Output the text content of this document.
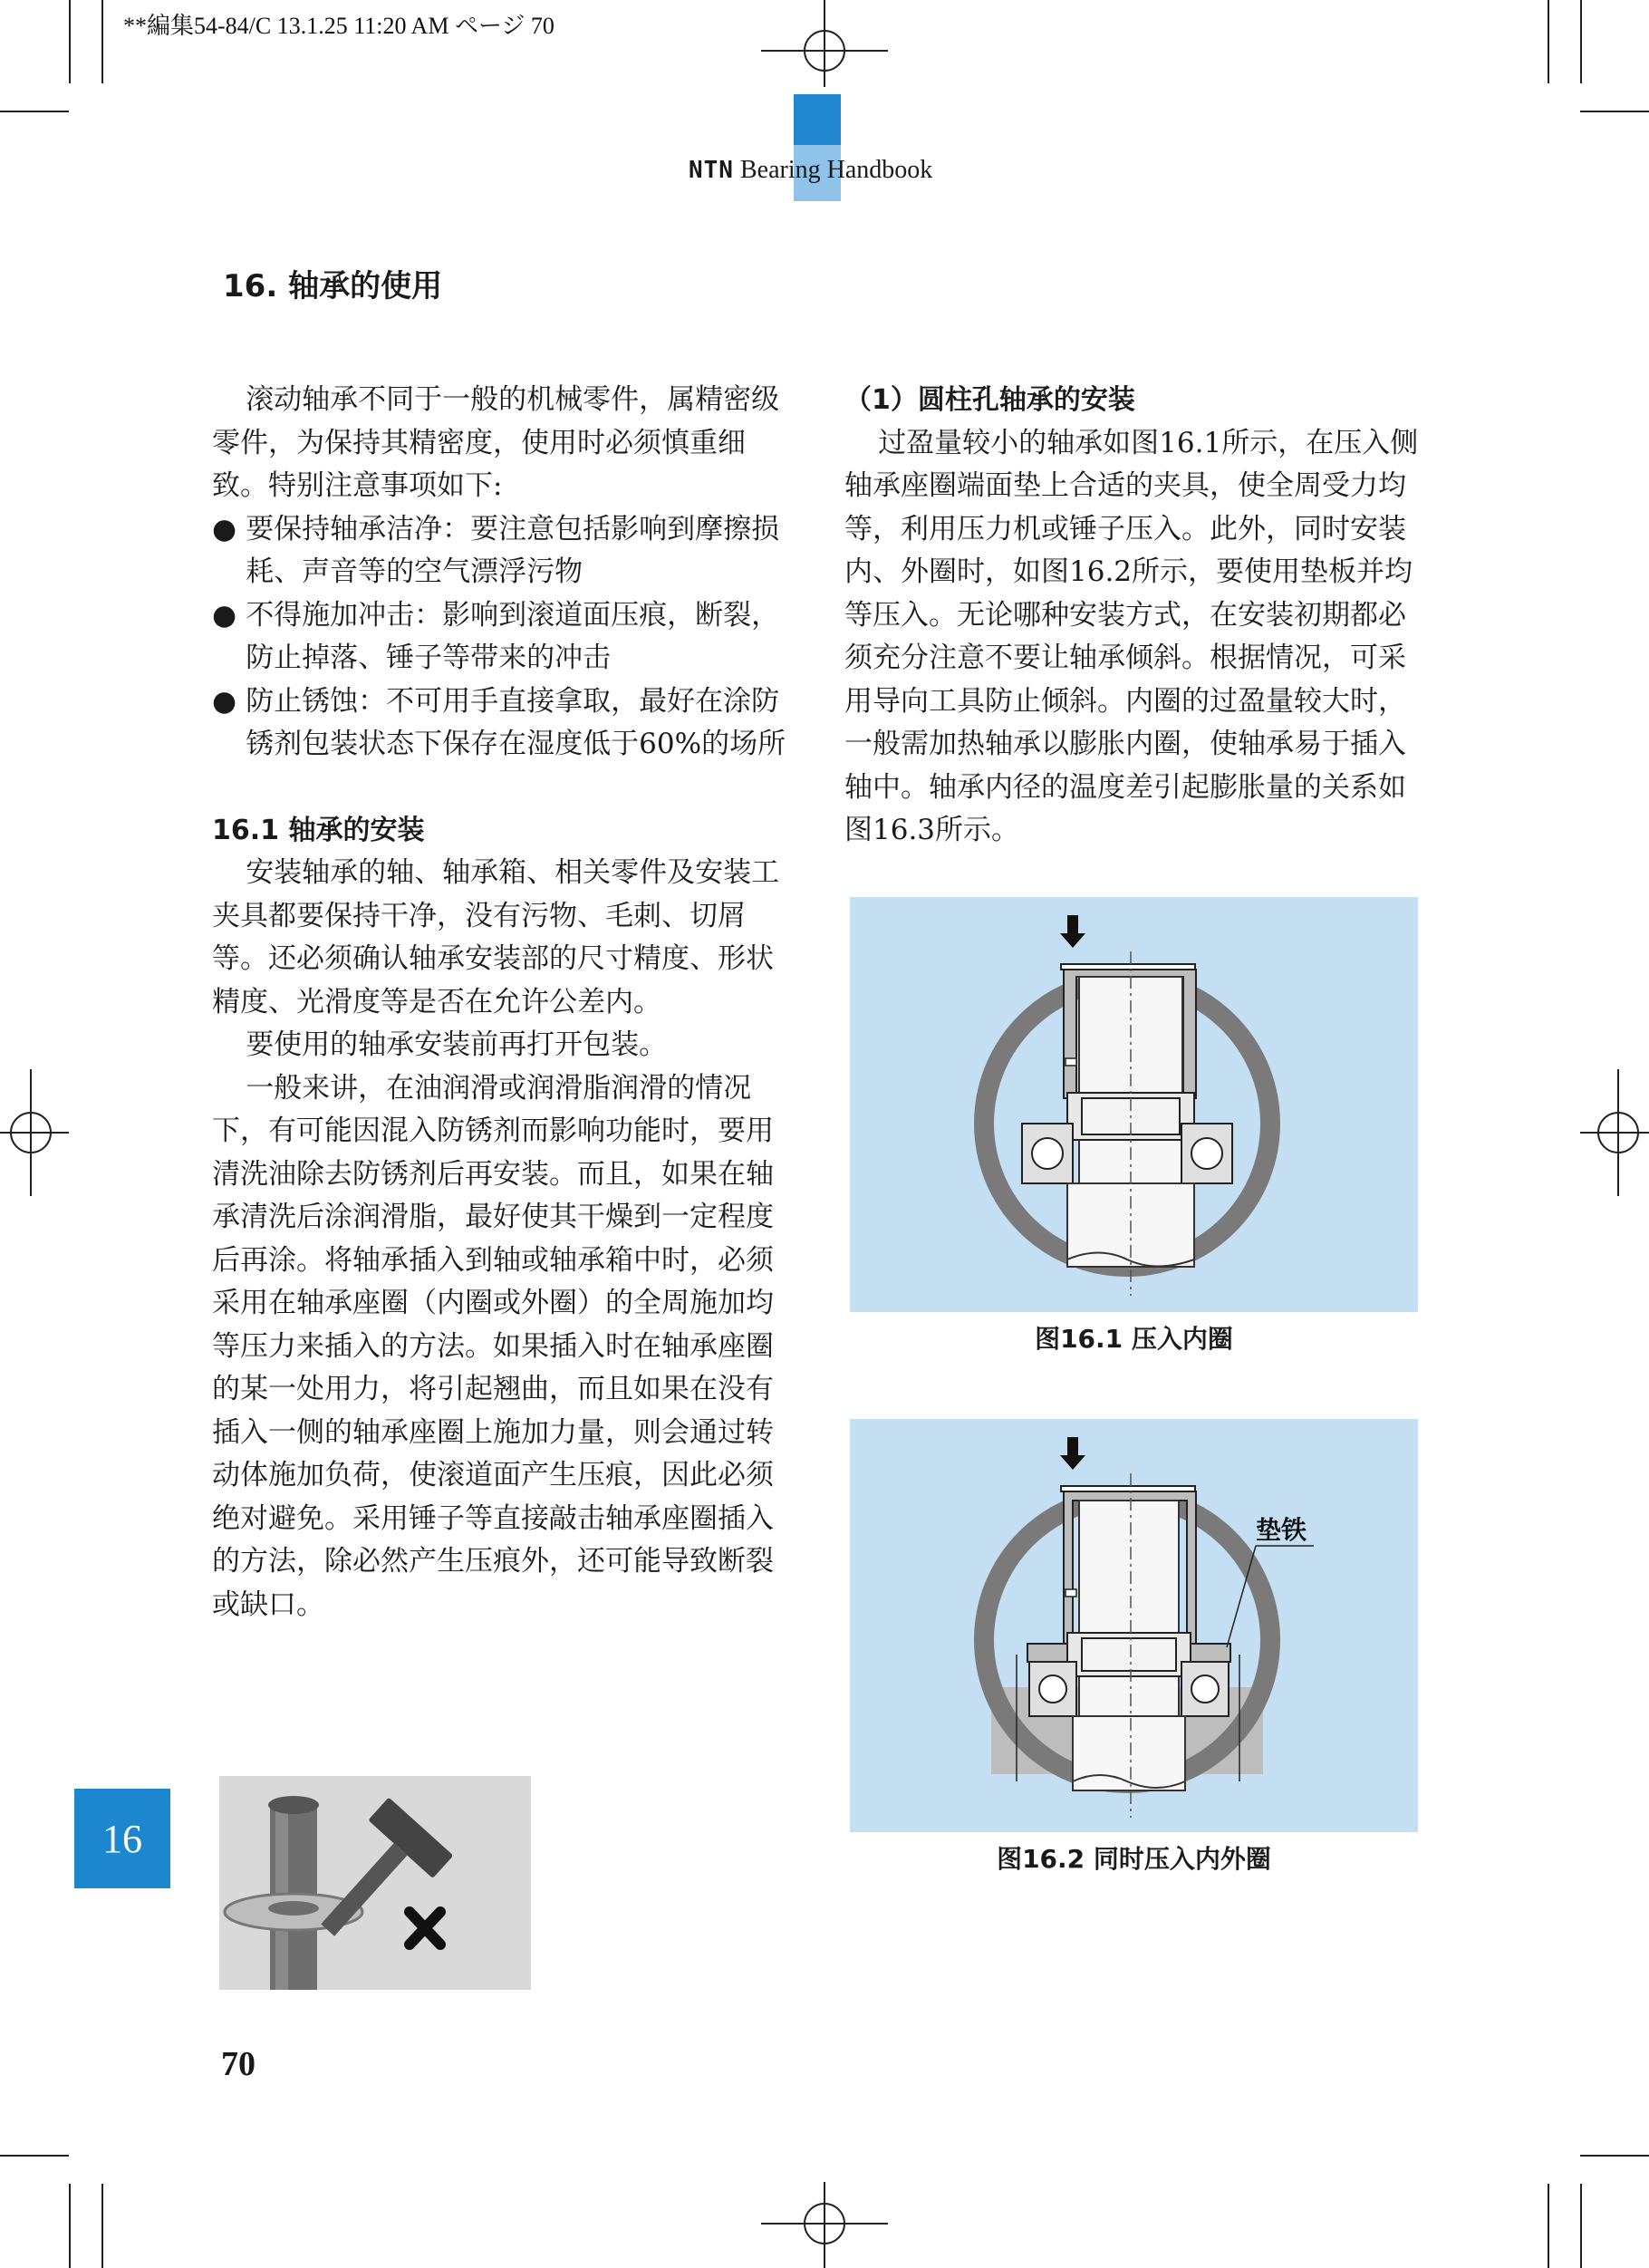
**編集54-84/C 13.1.25 11:20 AM ページ 70
NTN Bearing Handbook
16. 轴承的使用

滚动轴承不同于一般的机械零件，属精密级零件，为保持其精密度，使用时必须慎重细致。特别注意事项如下:

● 要保持轴承洁净：要注意包括影响到摩擦损耗、声音等的空气漂浮污物

● 不得施加冲击：影响到滚道面压痕，断裂，防止掉落、锤子等带来的冲击

● 防止锈蚀：不可用手直接拿取，最好在涂防锈剂包装状态下保存在湿度低于60%的场所

16.1 轴承的安装

安装轴承的轴、轴承箱、相关零件及安装工夹具都要保持干净，没有污物、毛刺、切屑等。还必须确认轴承安装部的尺寸精度、形状精度、光滑度等是否在允许公差内。

要使用的轴承安装前再打开包装。

一般来讲，在油润滑或润滑脂润滑的情况下，有可能因混入防锈剂而影响功能时，要用清洗油除去防锈剂后再安装。而且，如果在轴承清洗后涂润滑脂，最好使其干燥到一定程度后再涂。将轴承插入到轴或轴承箱中时，必须采用在轴承座圈（内圈或外圈）的全周施加均等压力来插入的方法。如果插入时在轴承座圈的某一处用力，将引起翘曲，而且如果在没有插入一侧的轴承座圈上施加力量，则会通过转动体施加负荷，使滚道面产生压痕，因此必须绝对避免。采用锤子等直接敲击轴承座圈插入的方法，除必然产生压痕外，还可能导致断裂或缺口。

（1）圆柱孔轴承的安装

过盈量较小的轴承如图16.1所示，在压入侧轴承座圈端面垫上合适的夹具，使全周受力均等，利用压力机或锤子压入。此外，同时安装内、外圈时，如图16.2所示，要使用垫板并均等压入。无论哪种安装方式，在安装初期都必须充分注意不要让轴承倾斜。根据情况，可采用导向工具防止倾斜。内圈的过盈量较大时，一般需加热轴承以膨胀内圈，使轴承易于插入轴中。轴承内径的温度差引起膨胀量的关系如图16.3所示。

图16.1 压入内圈
垫铁
图16.2 同时压入内外圈
16
70
